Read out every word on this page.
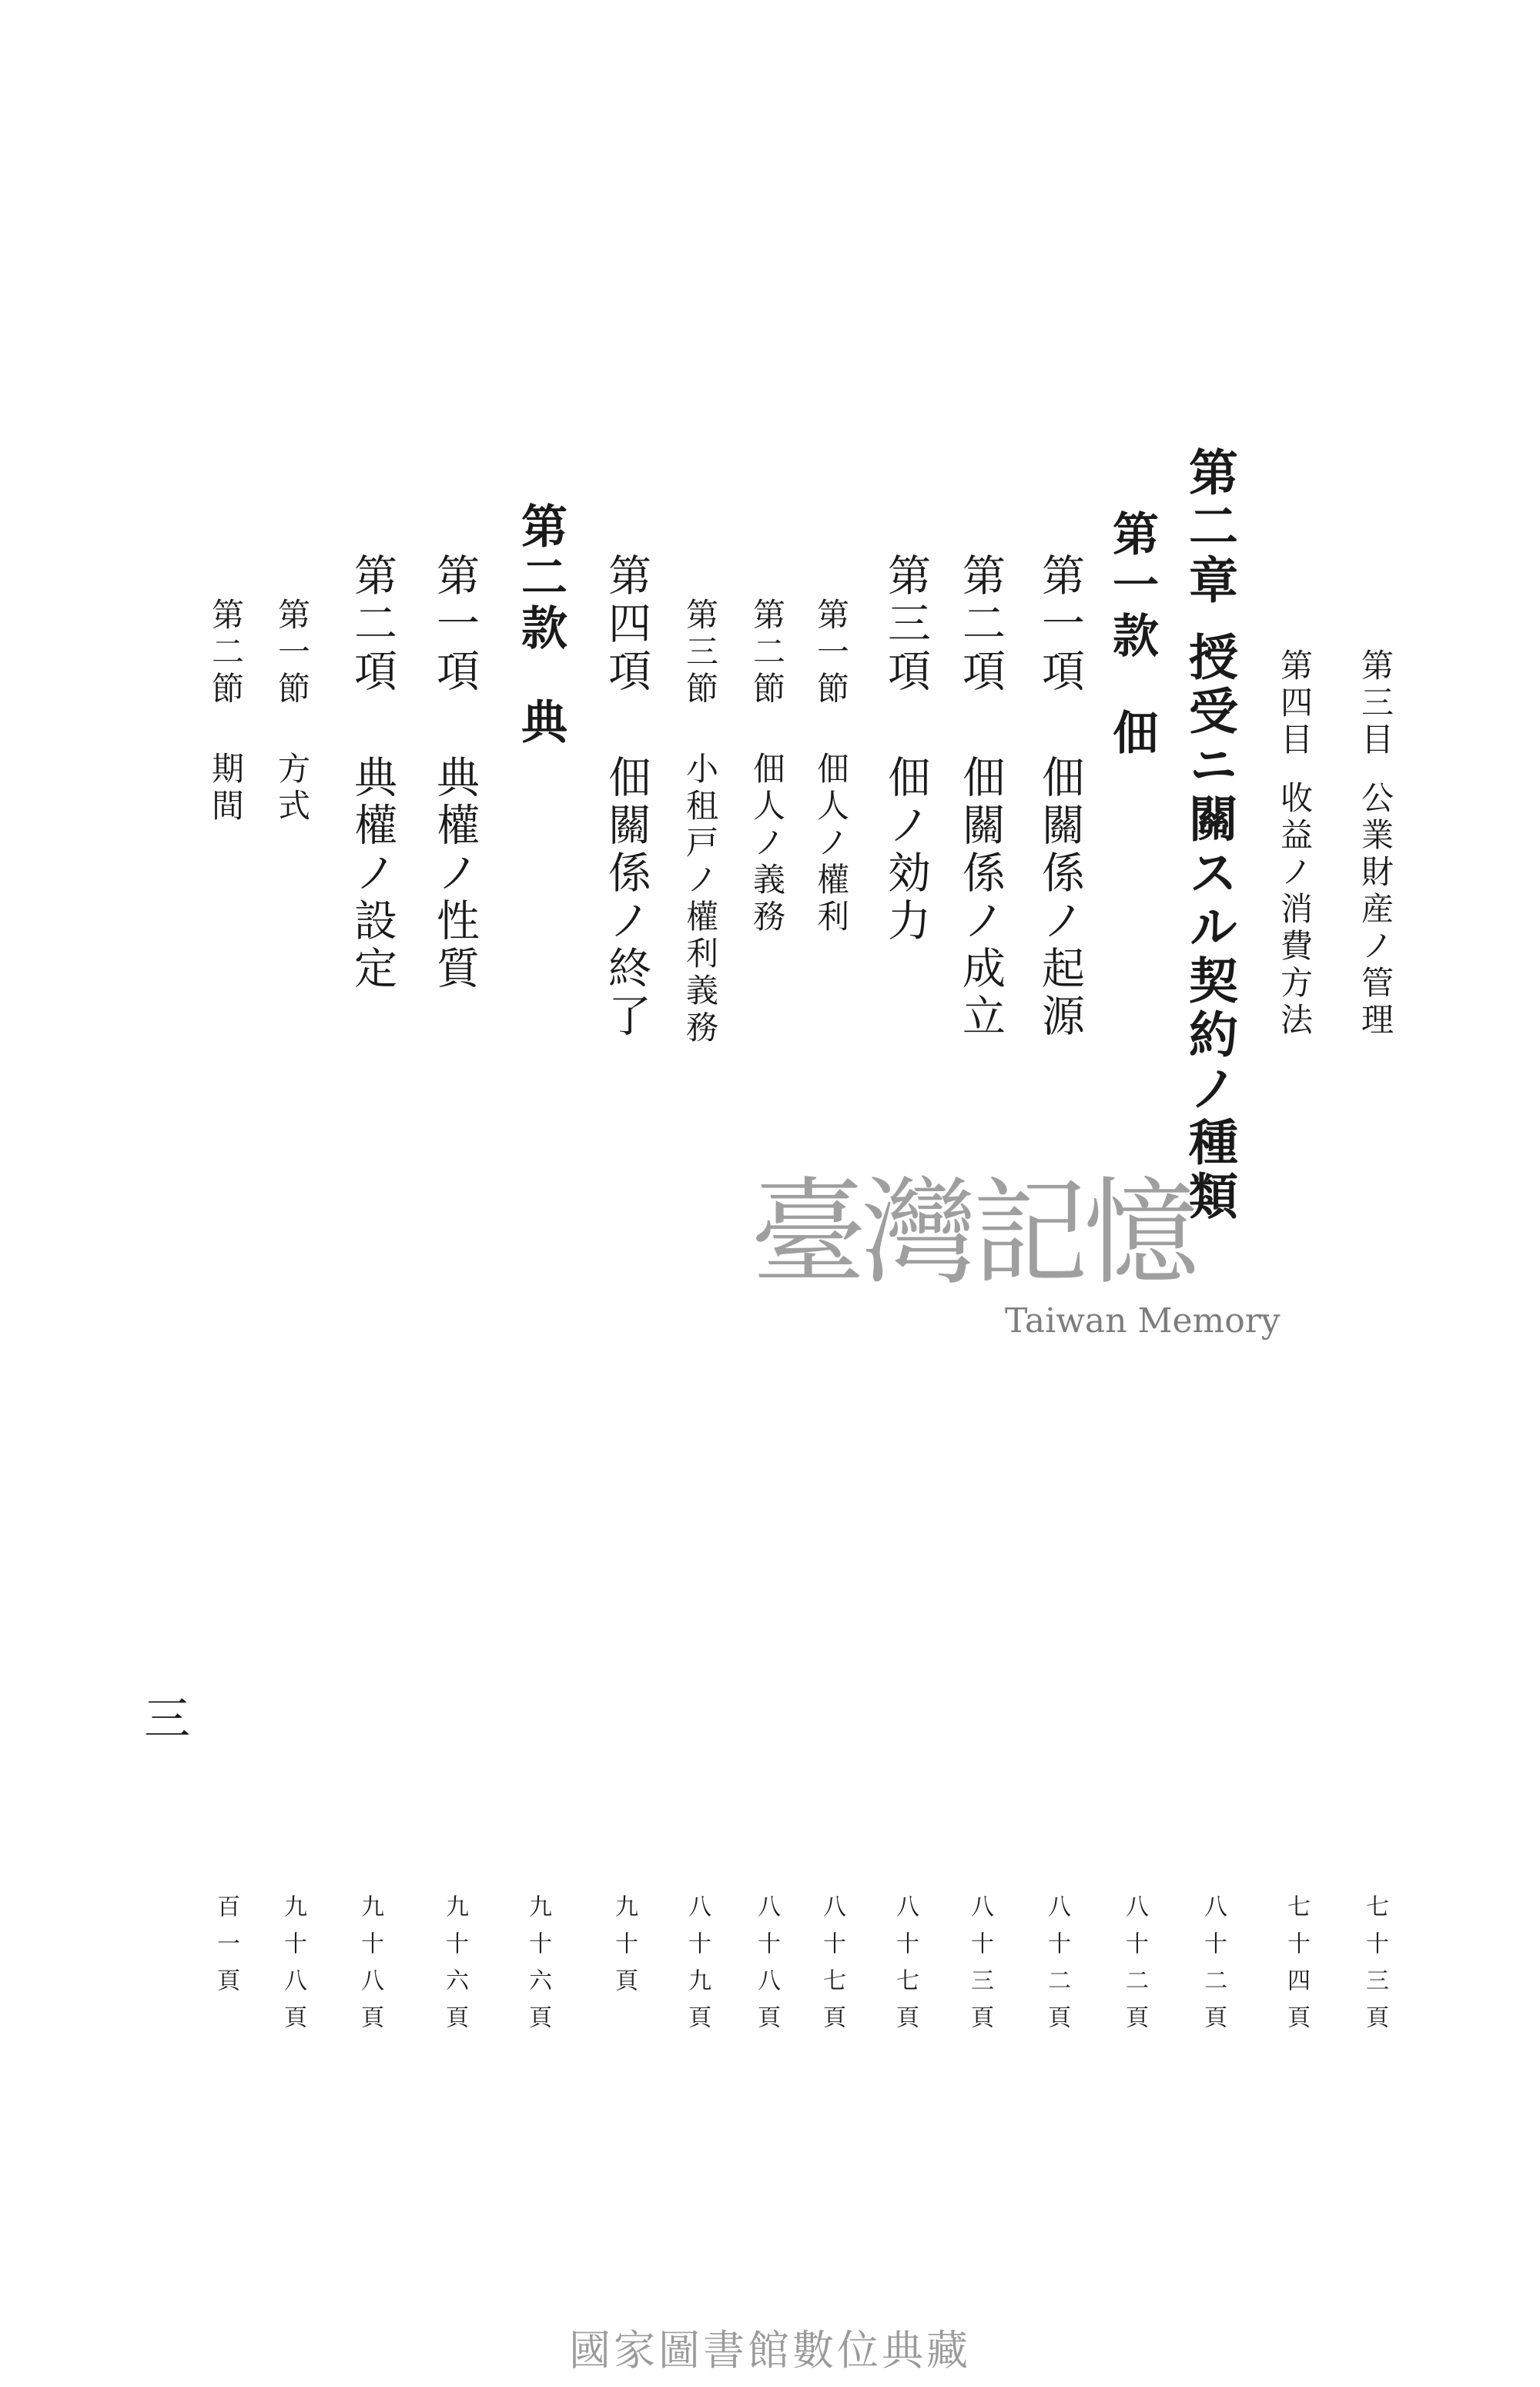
第三目公業財産ノ管理
第四目收益ノ消費方法
第二章授受ニ關スル契約ノ種類
第一款佃
第一項佃關係ノ起源
第二項佃關係ノ成立
第三項佃ノ効力
第一節佃人ノ權利
第二節佃人ノ義務
第三節小租戸ノ權利義務
第四項佃關係ノ終了
第二款典
第一項典權ノ性質
第二項典權ノ設定
第一節方式
第二節期間
七十三頁
七十四頁
八十二頁
八十二頁
八十二頁
八十三頁
八十七頁
八十七頁
八十八頁
八十九頁
九十頁
九十六頁
九十六頁
九十八頁
九十八頁
百一頁
三
臺灣記憶
Taiwan Memory
國家圖書館數位典藏
